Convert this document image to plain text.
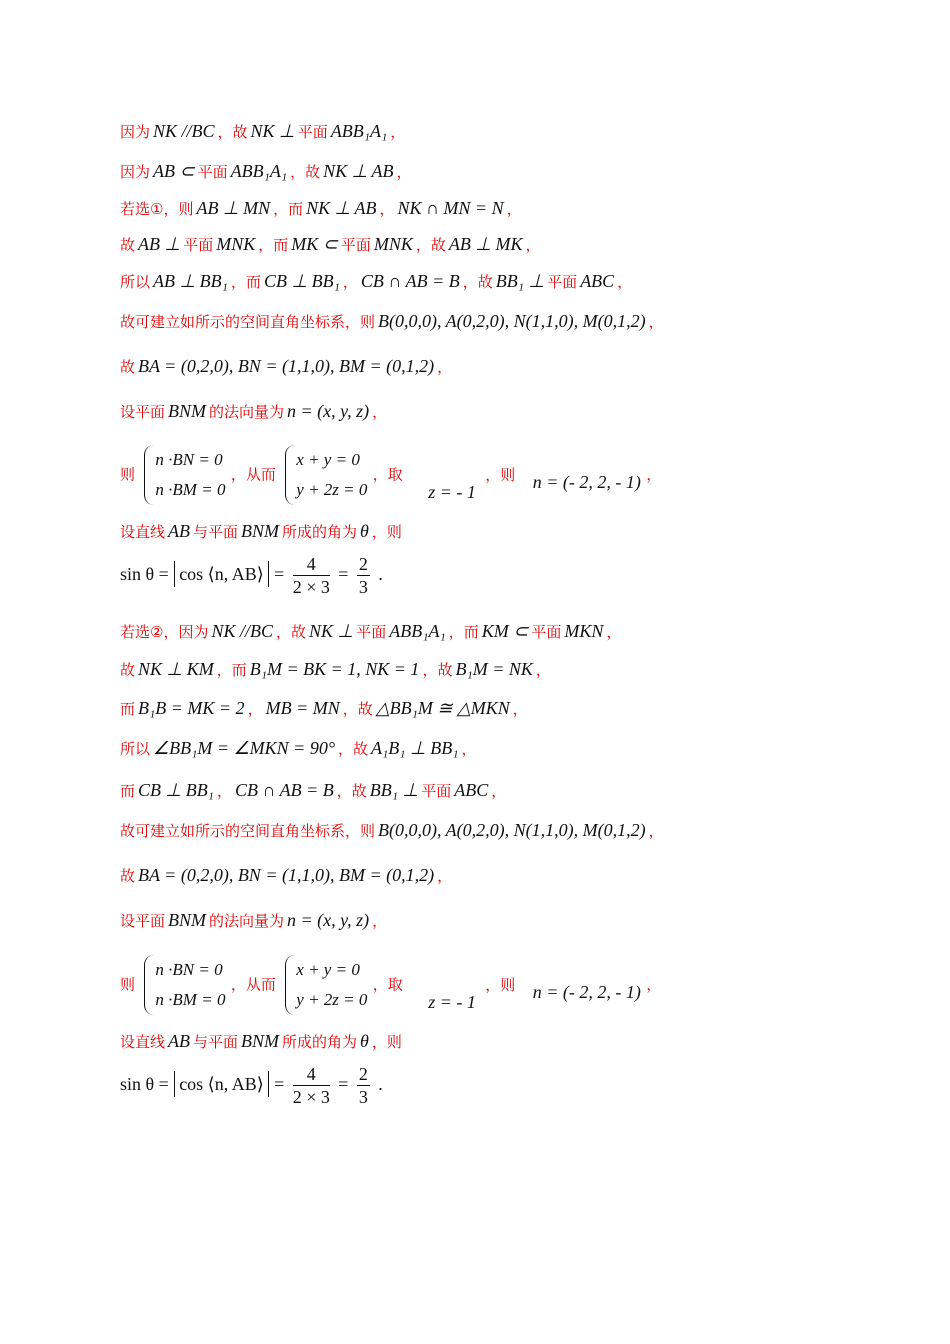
因为 NK //BC ，故 NK ⊥ 平面 ABB₁A₁ ，
因为 AB ⊂ 平面 ABB₁A₁ ，故 NK ⊥ AB ，
若选①，则 AB ⊥ MN ，而 NK ⊥ AB ， NK ∩ MN = N ，
故 AB ⊥ 平面 MNK ，而 MK ⊂ 平面 MNK ，故 AB ⊥ MK ，
所以 AB ⊥ BB₁ ，而 CB ⊥ BB₁ ， CB ∩ AB = B ，故 BB₁ ⊥ 平面 ABC ，
故可建立如所示的空间直角坐标系，则 B(0,0,0), A(0,2,0), N(1,1,0), M(0,1,2) ，
故 BA = (0,2,0), BN = (1,1,0), BM = (0,1,2) ，
设平面 BNM 的法向量为 n = (x, y, z) ，
则
n ·BN = 0
n ·BM = 0
，从而
x + y = 0
y + 2z = 0
，取 z = - 1 ，则 n = (- 2, 2, - 1) ，
设直线 AB 与平面 BNM 所成的角为 θ ，则
sin θ = cos ⟨n, AB⟩ = $\frac{4}{2 \times 3} = \frac{2}{3}$ .
若选②，因为 NK //BC ，故 NK ⊥ 平面 ABB₁A₁ ，而 KM ⊂ 平面 MKN ，
故 NK ⊥ KM ，而 B₁M = BK = 1, NK = 1 ，故 B₁M = NK ，
而 B₁B = MK = 2 ， MB = MN ，故 △BB₁M ≅ △MKN ，
所以 ∠BB₁M = ∠MKN = 90° ，故 A₁B₁ ⊥ BB₁ ，
而 CB ⊥ BB₁ ， CB ∩ AB = B ，故 BB₁ ⊥ 平面 ABC ，
故可建立如所示的空间直角坐标系，则 B(0,0,0), A(0,2,0), N(1,1,0), M(0,1,2) ，
故 BA = (0,2,0), BN = (1,1,0), BM = (0,1,2) ，
设平面 BNM 的法向量为 n = (x, y, z) ，
则
n ·BN = 0
n ·BM = 0
，从而
x + y = 0
y + 2z = 0
，取 z = - 1 ，则 n = (- 2, 2, - 1) ，
设直线 AB 与平面 BNM 所成的角为 θ ，则
sin θ = cos ⟨n, AB⟩ = $\frac{4}{2 \times 3} = \frac{2}{3}$ .
